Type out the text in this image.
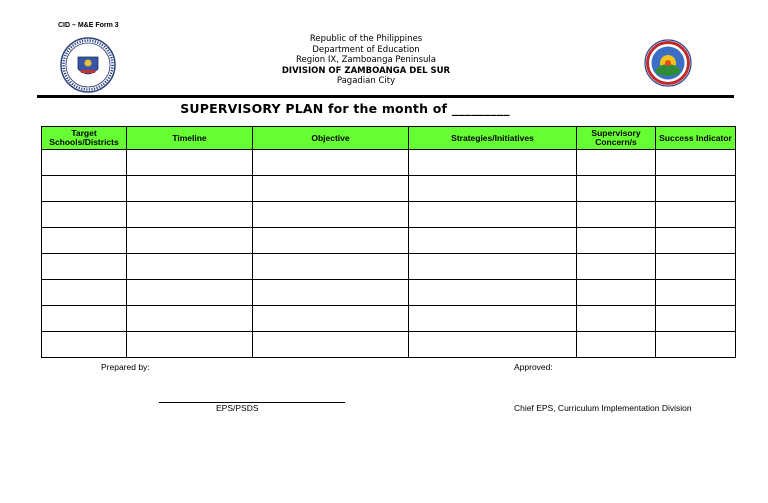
CID – M&E Form 3
Republic of the Philippines
Department of Education
Region IX, Zamboanga Peninsula
DIVISION OF ZAMBOANGA DEL SUR
Pagadian City
SUPERVISORY PLAN for the month of _________
Target Schools/Districts	Timeline	Objective	Strategies/Initiatives	Supervisory Concern/s	Success Indicator

Prepared by:	Approved:
EPS/PSDS	Chief EPS, Curriculum Implementation Division
